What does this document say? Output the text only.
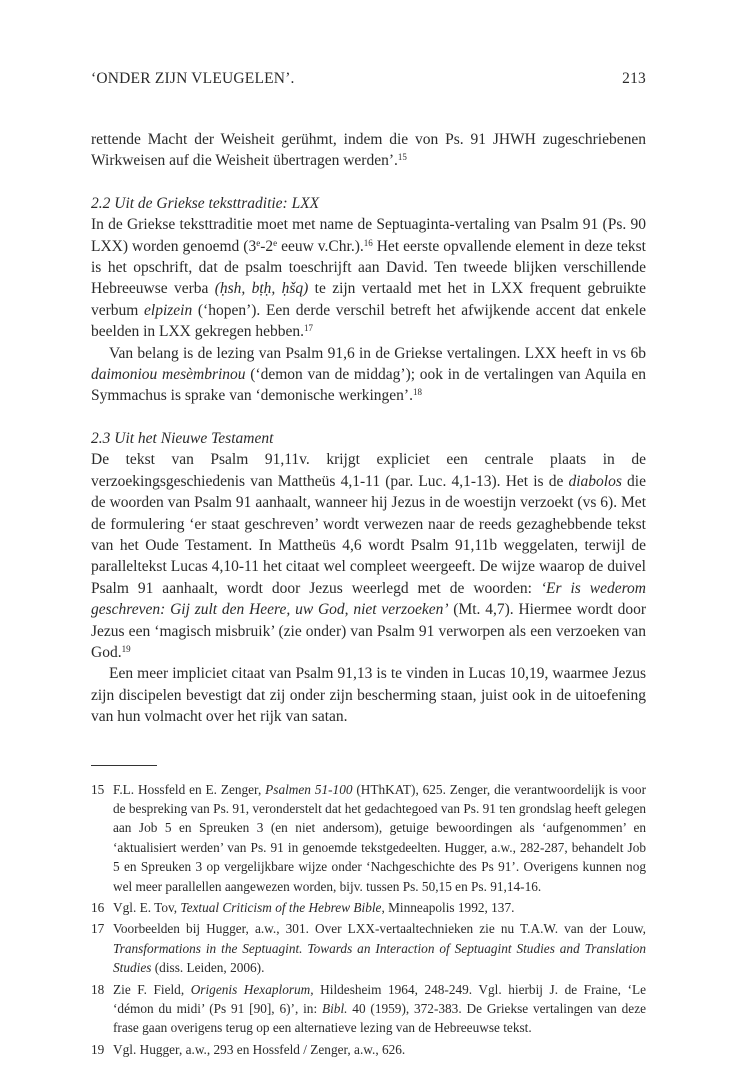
‘ONDER ZIJN VLEUGELEN’.	213

rettende Macht der Weisheit gerühmt, indem die von Ps. 91 JHWH zugeschriebenen Wirkweisen auf die Weisheit übertragen werden’.$^{15}$

2.2 Uit de Griekse teksttraditie: LXX

In de Griekse teksttraditie moet met name de Septuaginta-vertaling van Psalm 91 (Ps. 90 LXX) worden genoemd (3e-2e eeuw v.Chr.).$^{16}$ Het eerste opvallende element in deze tekst is het opschrift, dat de psalm toeschrijft aan David. Ten tweede blijken verschillende Hebreeuwse verba (ḥsh, bṭḥ, ḥšq) te zijn vertaald met het in LXX frequent gebruikte verbum elpizein (‘hopen’). Een derde verschil betreft het afwijkende accent dat enkele beelden in LXX gekregen hebben.$^{17}$

Van belang is de lezing van Psalm 91,6 in de Griekse vertalingen. LXX heeft in vs 6b daimoniou mesèmbrinou (‘demon van de middag’); ook in de vertalingen van Aquila en Symmachus is sprake van ‘demonische werkingen’.$^{18}$

2.3 Uit het Nieuwe Testament

De tekst van Psalm 91,11v. krijgt expliciet een centrale plaats in de verzoekingsgeschiedenis van Mattheüs 4,1-11 (par. Luc. 4,1-13). Het is de diabolos die de woorden van Psalm 91 aanhaalt, wanneer hij Jezus in de woestijn verzoekt (vs 6). Met de formulering ‘er staat geschreven’ wordt verwezen naar de reeds gezaghebbende tekst van het Oude Testament. In Mattheüs 4,6 wordt Psalm 91,11b weggelaten, terwijl de paralleltekst Lucas 4,10-11 het citaat wel compleet weergeeft. De wijze waarop de duivel Psalm 91 aanhaalt, wordt door Jezus weerlegd met de woorden: ‘Er is wederom geschreven: Gij zult den Heere, uw God, niet verzoeken’ (Mt. 4,7). Hiermee wordt door Jezus een ‘magisch misbruik’ (zie onder) van Psalm 91 verworpen als een verzoeken van God.$^{19}$

Een meer impliciet citaat van Psalm 91,13 is te vinden in Lucas 10,19, waarmee Jezus zijn discipelen bevestigt dat zij onder zijn bescherming staan, juist ook in de uitoefening van hun volmacht over het rijk van satan.

15 F.L. Hossfeld en E. Zenger, Psalmen 51-100 (HThKAT), 625. Zenger, die verantwoordelijk is voor de bespreking van Ps. 91, veronderstelt dat het gedachtegoed van Ps. 91 ten grondslag heeft gelegen aan Job 5 en Spreuken 3 (en niet andersom), getuige bewoordingen als ‘aufgenommen’ en ‘aktualisiert werden’ van Ps. 91 in genoemde tekstgedeelten. Hugger, a.w., 282-287, behandelt Job 5 en Spreuken 3 op vergelijkbare wijze onder ‘Nachgeschichte des Ps 91’. Overigens kunnen nog wel meer parallellen aangewezen worden, bijv. tussen Ps. 50,15 en Ps. 91,14-16.
16 Vgl. E. Tov, Textual Criticism of the Hebrew Bible, Minneapolis 1992, 137.
17 Voorbeelden bij Hugger, a.w., 301. Over LXX-vertaaltechnieken zie nu T.A.W. van der Louw, Transformations in the Septuagint. Towards an Interaction of Septuagint Studies and Translation Studies (diss. Leiden, 2006).
18 Zie F. Field, Origenis Hexaplorum, Hildesheim 1964, 248-249. Vgl. hierbij J. de Fraine, ‘Le ‘démon du midi’ (Ps 91 [90], 6)’, in: Bibl. 40 (1959), 372-383. De Griekse vertalingen van deze frase gaan overigens terug op een alternatieve lezing van de Hebreeuwse tekst.
19 Vgl. Hugger, a.w., 293 en Hossfeld / Zenger, a.w., 626.
